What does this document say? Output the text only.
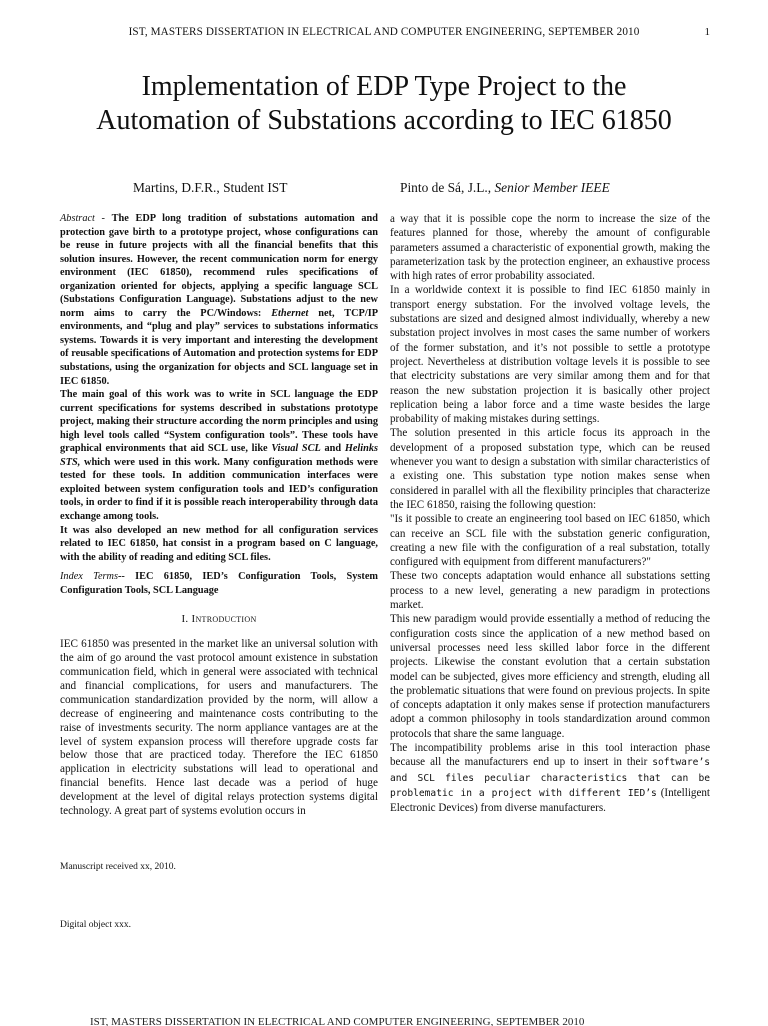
IST, MASTERS DISSERTATION IN ELECTRICAL AND COMPUTER ENGINEERING, SEPTEMBER 2010	1
Implementation of EDP Type Project to the Automation of Substations according to IEC 61850
Martins, D.F.R., Student IST	Pinto de Sá, J.L., Senior Member IEEE

Abstract - The EDP long tradition of substations automation and protection gave birth to a prototype project, whose configurations can be reuse in future projects with all the financial benefits that this solution insures. However, the recent communication norm for energy environment (IEC 61850), recommend rules specifications of organization oriented for objects, applying a specific language SCL (Substations Configuration Language). Substations adjust to the new norm aims to carry the PC/Windows: Ethernet net, TCP/IP environments, and “plug and play” services to substations informatics systems. Towards it is very important and interesting the development of reusable specifications of Automation and protection systems for EDP substations, using the organization for objects and SCL language set in IEC 61850.

The main goal of this work was to write in SCL language the EDP current specifications for systems described in substations prototype project, making their structure according the norm principles and using high level tools called “System configuration tools”. These tools have graphical environments that aid SCL use, like Visual SCL and Helinks STS, which were used in this work. Many configuration methods were tested for these tools. In addition communication interfaces were exploited between system configuration tools and IED’s configuration tools, in order to find if it is possible reach interoperability through data exchange among tools.

It was also developed an new method for all configuration services related to IEC 61850, hat consist in a program based on C language, with the ability of reading and editing SCL files.

Index Terms-- IEC 61850, IED’s Configuration Tools, System Configuration Tools, SCL Language

I. Introduction

IEC 61850 was presented in the market like an universal solution with the aim of go around the vast protocol amount existence in substation communication field, which in general were associated with technical and financial complications, for users and manufacturers. The communication standardization provided by the norm, will allow a decrease of engineering and maintenance costs contributing to the raise of investments security. The norm appliance vantages are at the level of system expansion process will therefore upgrade costs far below those that are practiced today. Therefore the IEC 61850 application in electricity substations will lead to operational and financial benefits. Hence last decade was a period of huge development at the level of digital relays protection systems digital technology. A great part of systems evolution occurs in

Manuscript received xx, 2010.
Digital object xxx.

a way that it is possible cope the norm to increase the size of the features planned for those, whereby the amount of configurable parameters assumed a characteristic of exponential growth, making the parameterization task by the protection engineer, an exhaustive process with high rates of error probability associated.

In a worldwide context it is possible to find IEC 61850 mainly in transport energy substation. For the involved voltage levels, the substations are sized and designed almost individually, whereby a new substation project involves in most cases the same number of workers of the former substation, and it’s not possible to settle a prototype project. Nevertheless at distribution voltage levels it is possible to see that electricity substations are very similar among them and for that reason the new substation projection it is basically other project replication being a labor force and a time waste besides the large probability of making mistakes during settings.

The solution presented in this article focus its approach in the development of a proposed substation type, which can be reused whenever you want to design a substation with similar characteristics of a existing one. This substation type notion makes sense when considered in parallel with all the flexibility principles that characterize the IEC 61850, raising the following question:

"Is it possible to create an engineering tool based on IEC 61850, which can receive an SCL file with the substation generic configuration, creating a new file with the configuration of a real substation, totally configured with equipment from different manufacturers?"

These two concepts adaptation would enhance all substations setting process to a new level, generating a new paradigm in protections market.

This new paradigm would provide essentially a method of reducing the configuration costs since the application of a new method based on universal processes need less skilled labor force in the different projects. Likewise the constant evolution that a certain substation model can be subjected, gives more efficiency and strength, eluding all the problematic situations that were found on previous projects. In spite of concepts adaptation it only makes sense if protection manufacturers adopt a common philosophy in tools standardization around common protocols that share the same language.

The incompatibility problems arise in this tool interaction phase because all the manufacturers end up to insert in their software’s and SCL files peculiar characteristics that can be problematic in a project with different IED’s (Intelligent Electronic Devices) from diverse manufacturers.

IST, MASTERS DISSERTATION IN ELECTRICAL AND COMPUTER ENGINEERING, SEPTEMBER 2010
